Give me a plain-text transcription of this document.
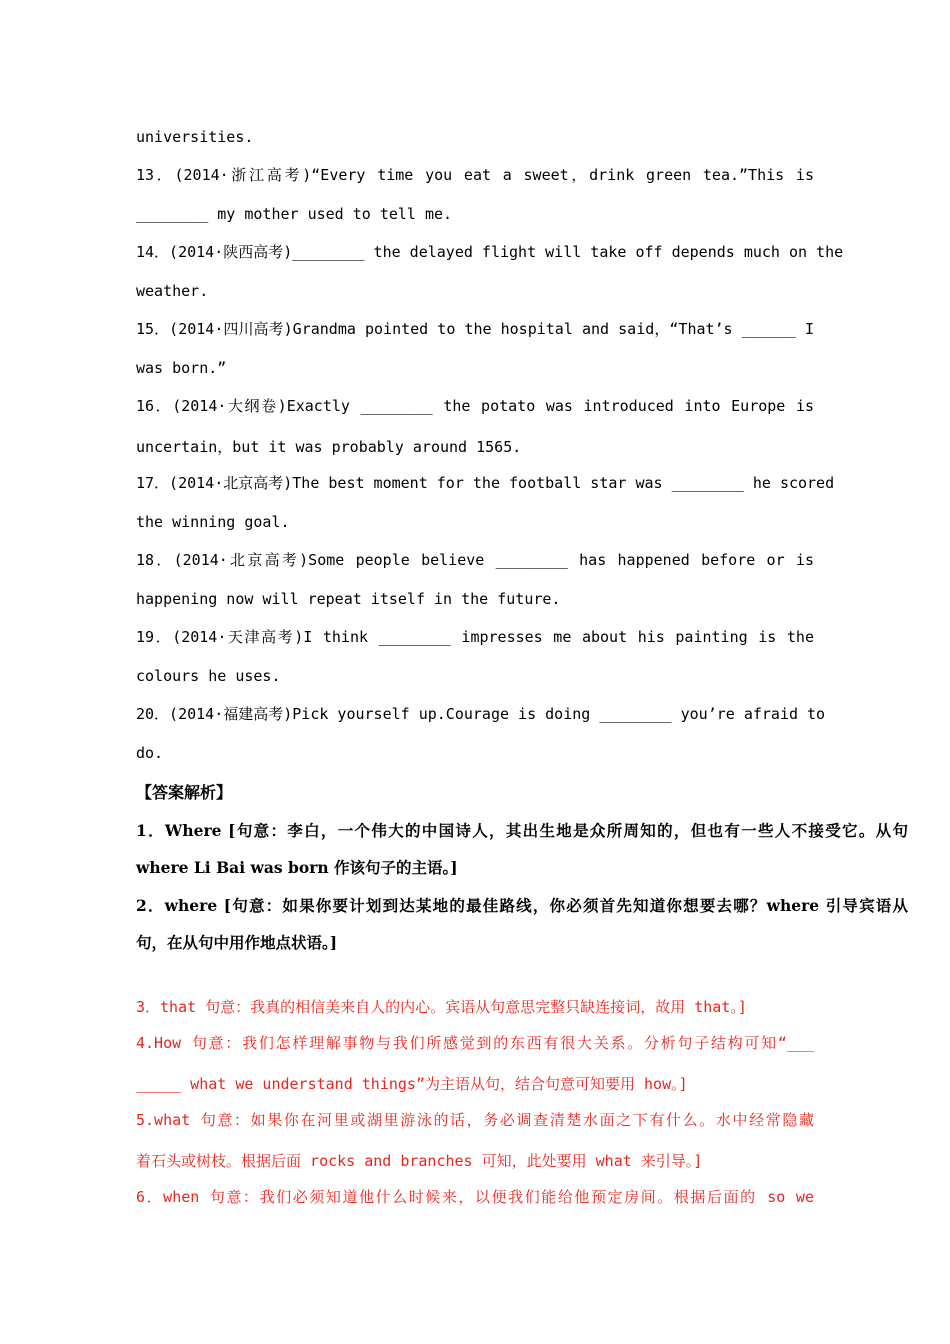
universities.
13．(2014·浙江高考)“Every time you eat a sweet，drink green tea.”This is
________ my mother used to tell me.
14．(2014·陕西高考)________ the delayed flight will take off depends much on the
weather.
15．(2014·四川高考)Grandma pointed to the hospital and said，“That’s ______ I
was born.”
16．(2014·大纲卷)Exactly ________ the potato was introduced into Europe is
uncertain，but it was probably around 1565.
17．(2014·北京高考)The best moment for the football star was ________ he scored
the winning goal.
18．(2014·北京高考)Some people believe ________ has happened before or is
happening now will repeat itself in the future.
19．(2014·天津高考)I think ________ impresses me about his painting is the
colours he uses.
20．(2014·福建高考)Pick yourself up.Courage is doing ________ you’re afraid to
do.
【答案解析】
1．Where [句意：李白，一个伟大的中国诗人，其出生地是众所周知的，但也有一些人不接受它。从句
where Li Bai was born 作该句子的主语。]
2．where [句意：如果你要计划到达某地的最佳路线，你必须首先知道你想要去哪？where 引导宾语从
句，在从句中用作地点状语。]
3．that 句意：我真的相信美来自人的内心。宾语从句意思完整只缺连接词，故用 that。]
4.How 句意：我们怎样理解事物与我们所感觉到的东西有很大关系。分析句子结构可知“___
_____ what we understand things”为主语从句，结合句意可知要用 how。]
5.what 句意：如果你在河里或湖里游泳的话，务必调查清楚水面之下有什么。水中经常隐藏
着石头或树枝。根据后面 rocks and branches 可知，此处要用 what 来引导。]
6．when 句意：我们必须知道他什么时候来，以便我们能给他预定房间。根据后面的 so we
